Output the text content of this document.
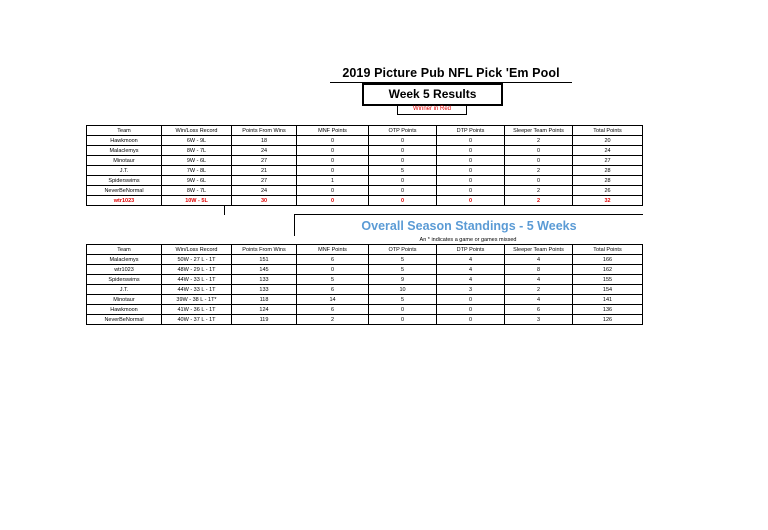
2019 Picture Pub NFL Pick 'Em Pool
Week 5 Results
Winner in Red
Team	Win/Loss Record	Points From Wins	MNF Points	OTP Points	DTP Points	Sleeper Team Points	Total Points
Hawkmoon	6W - 9L	18	0	0	0	2	20
Malaclemys	8W - 7L	24	0	0	0	0	24
Minotaur	9W - 6L	27	0	0	0	0	27
J.T.	7W - 8L	21	0	5	0	2	28
Spiderswims	9W - 6L	27	1	0	0	0	28
NeverBeNormal	8W - 7L	24	0	0	0	2	26
wtr1023	10W - 5L	30	0	0	0	2	32
Overall Season Standings - 5 Weeks
An * indicates a game or games missed
Team	Win/Loss Record	Points From Wins	MNF Points	OTP Points	DTP Points	Sleeper Team Points	Total Points
Malaclemys	50W - 27 L - 1T	151	6	5	4	4	166
wtr1023	48W - 29 L - 1T	145	0	5	4	8	162
Spiderswims	44W - 33 L - 1T	133	5	9	4	4	155
J.T.	44W - 33 L - 1T	133	6	10	3	2	154
Minotaur	39W - 38 L - 1T*	118	14	5	0	4	141
Hawkmoon	41W - 36 L - 1T	124	6	0	0	6	136
NeverBeNormal	40W - 37 L - 1T	119	2	0	0	3	126
